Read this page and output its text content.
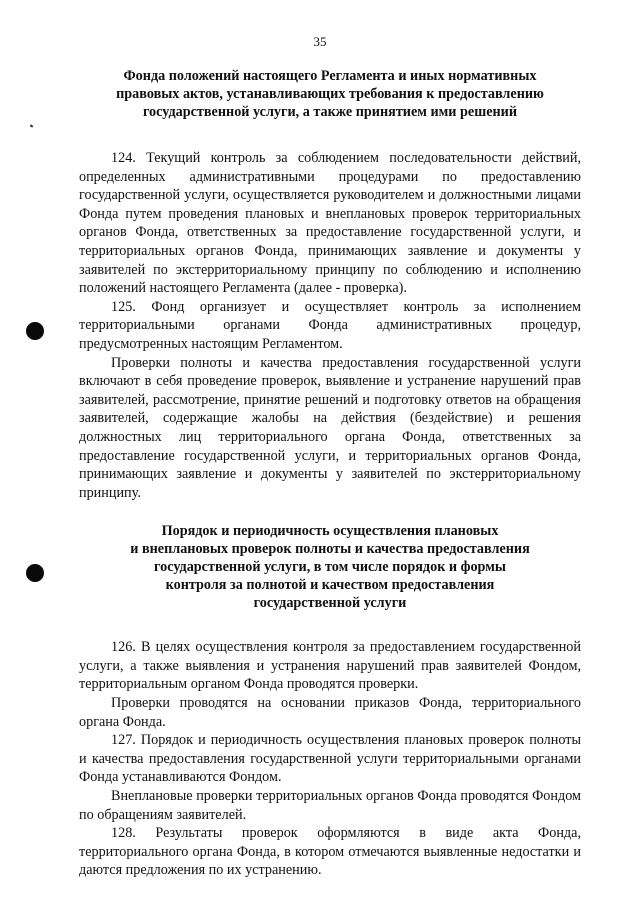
35
Фонда положений настоящего Регламента и иных нормативных
правовых актов, устанавливающих требования к предоставлению
государственной услуги, а также принятием ими решений

124. Текущий контроль за соблюдением последовательности действий, определенных административными процедурами по предоставлению государственной услуги, осуществляется руководителем и должностными лицами Фонда путем проведения плановых и внеплановых проверок территориальных органов Фонда, ответственных за предоставление государственной услуги, и территориальных органов Фонда, принимающих заявление и документы у заявителей по экстерриториальному принципу по соблюдению и исполнению положений настоящего Регламента (далее - проверка).

125. Фонд организует и осуществляет контроль за исполнением территориальными органами Фонда административных процедур, предусмотренных настоящим Регламентом.

Проверки полноты и качества предоставления государственной услуги включают в себя проведение проверок, выявление и устранение нарушений прав заявителей, рассмотрение, принятие решений и подготовку ответов на обращения заявителей, содержащие жалобы на действия (бездействие) и решения должностных лиц территориального органа Фонда, ответственных за предоставление государственной услуги, и территориальных органов Фонда, принимающих заявление и документы у заявителей по экстерриториальному принципу.

Порядок и периодичность осуществления плановых
и внеплановых проверок полноты и качества предоставления
государственной услуги, в том числе порядок и формы
контроля за полнотой и качеством предоставления
государственной услуги

126. В целях осуществления контроля за предоставлением государственной услуги, а также выявления и устранения нарушений прав заявителей Фондом, территориальным органом Фонда проводятся проверки.

Проверки проводятся на основании приказов Фонда, территориального органа Фонда.

127. Порядок и периодичность осуществления плановых проверок полноты и качества предоставления государственной услуги территориальными органами Фонда устанавливаются Фондом.

Внеплановые проверки территориальных органов Фонда проводятся Фондом по обращениям заявителей.

128. Результаты проверок оформляются в виде акта Фонда, территориального органа Фонда, в котором отмечаются выявленные недостатки и даются предложения по их устранению.
